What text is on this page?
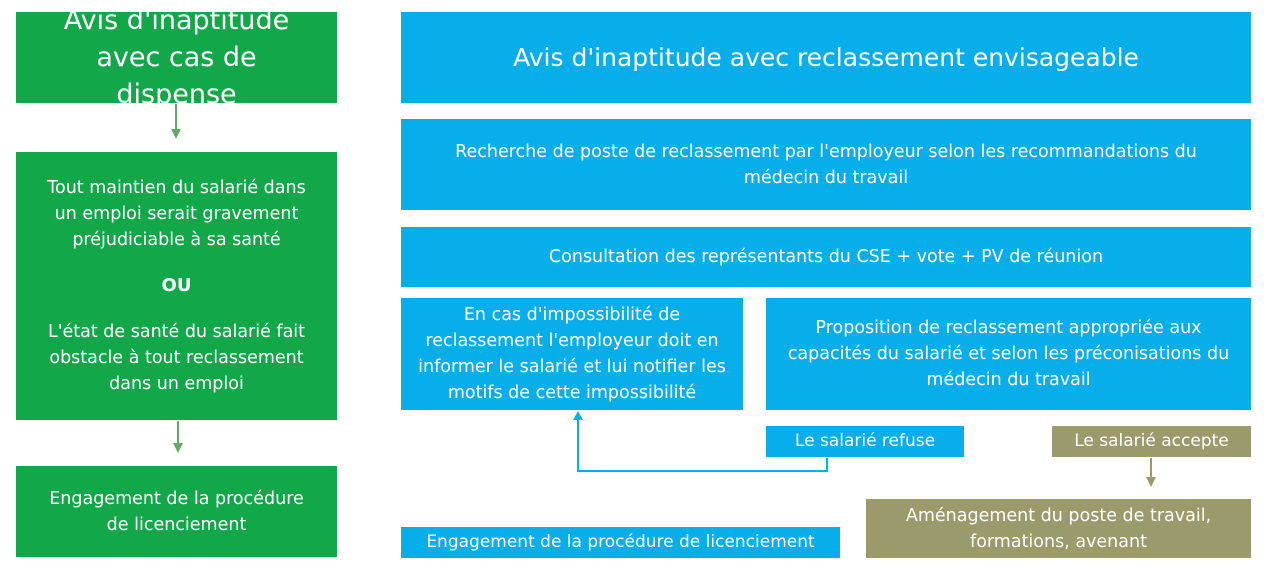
Avis d'inaptitude avec cas de dispense
Tout maintien du salarié dans un emploi serait gravement préjudiciable à sa santé
OU
L'état de santé du salarié fait obstacle à tout reclassement dans un emploi
Engagement de la procédure de licenciement
Avis d'inaptitude avec reclassement envisageable
Recherche de poste de reclassement par l'employeur selon les recommandations du médecin du travail
Consultation des représentants du CSE + vote + PV de réunion
En cas d'impossibilité de reclassement l'employeur doit en informer le salarié et lui notifier les motifs de cette impossibilité
Proposition de reclassement appropriée aux capacités du salarié et selon les préconisations du médecin du travail
Le salarié refuse	Le salarié accepte
Aménagement du poste de travail, formations, avenant
Engagement de la procédure de licenciement
